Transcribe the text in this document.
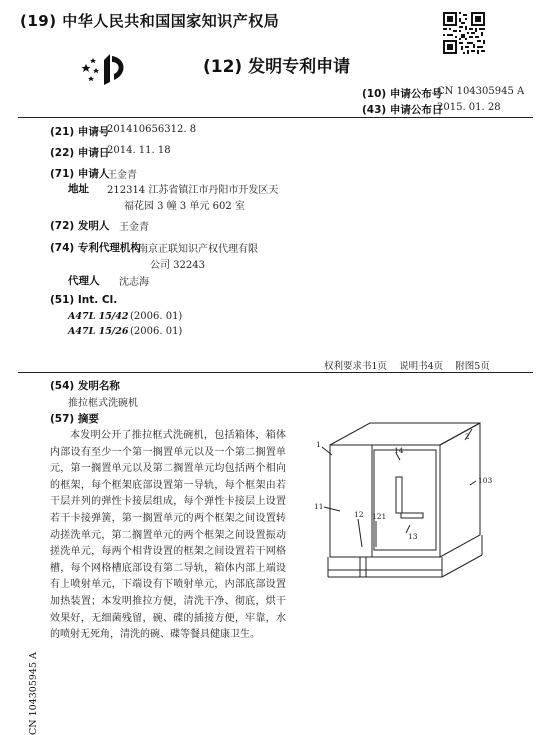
(19) 中华人民共和国国家知识产权局
(12) 发明专利申请
(10) 申请公布号
CN 104305945 A
(43) 申请公布日
2015. 01. 28
(21) 申请号
201410656312. 8
(22) 申请日
2014. 11. 18
(71) 申请人
王金青
地址 212314 江苏省镇江市丹阳市开发区天
福花园 3 幢 3 单元 602 室
(72) 发明人 王金青
(74) 专利代理机构
南京正联知识产权代理有限
公司 32243
代理人 沈志海
(51) Int. Cl.
A47L 15/42 (2006. 01)
A47L 15/26 (2006. 01)
权利要求书1页    说明书4页    附图5页
(54) 发明名称
推拉框式洗碗机
(57) 摘要
本发明公开了推拉框式洗碗机，包括箱体，箱体内部设有至少一个第一搁置单元以及一个第二搁置单元，第一搁置单元以及第二搁置单元均包括两个相向的框架，每个框架底部设置第一导轨，每个框架由若干层并列的弹性卡接层组成，每个弹性卡接层上设置若干卡接弹簧，第一搁置单元的两个框架之间设置转动搓洗单元，第二搁置单元的两个框架之间设置振动搓洗单元，每两个相背设置的框架之间设置若干网格槽，每个网格槽底部设有第二导轨，箱体内部上端设有上喷射单元，下端设有下喷射单元，内部底部设置加热装置；本发明推拉方便，清洗干净、彻底，烘干效果好，无细菌残留，碗、碟的插接方便，牢靠，水的喷射无死角，清洗的碗、碟等餐具健康卫生。
1
2
14
103
11
12 121
13
CN 104305945 A
